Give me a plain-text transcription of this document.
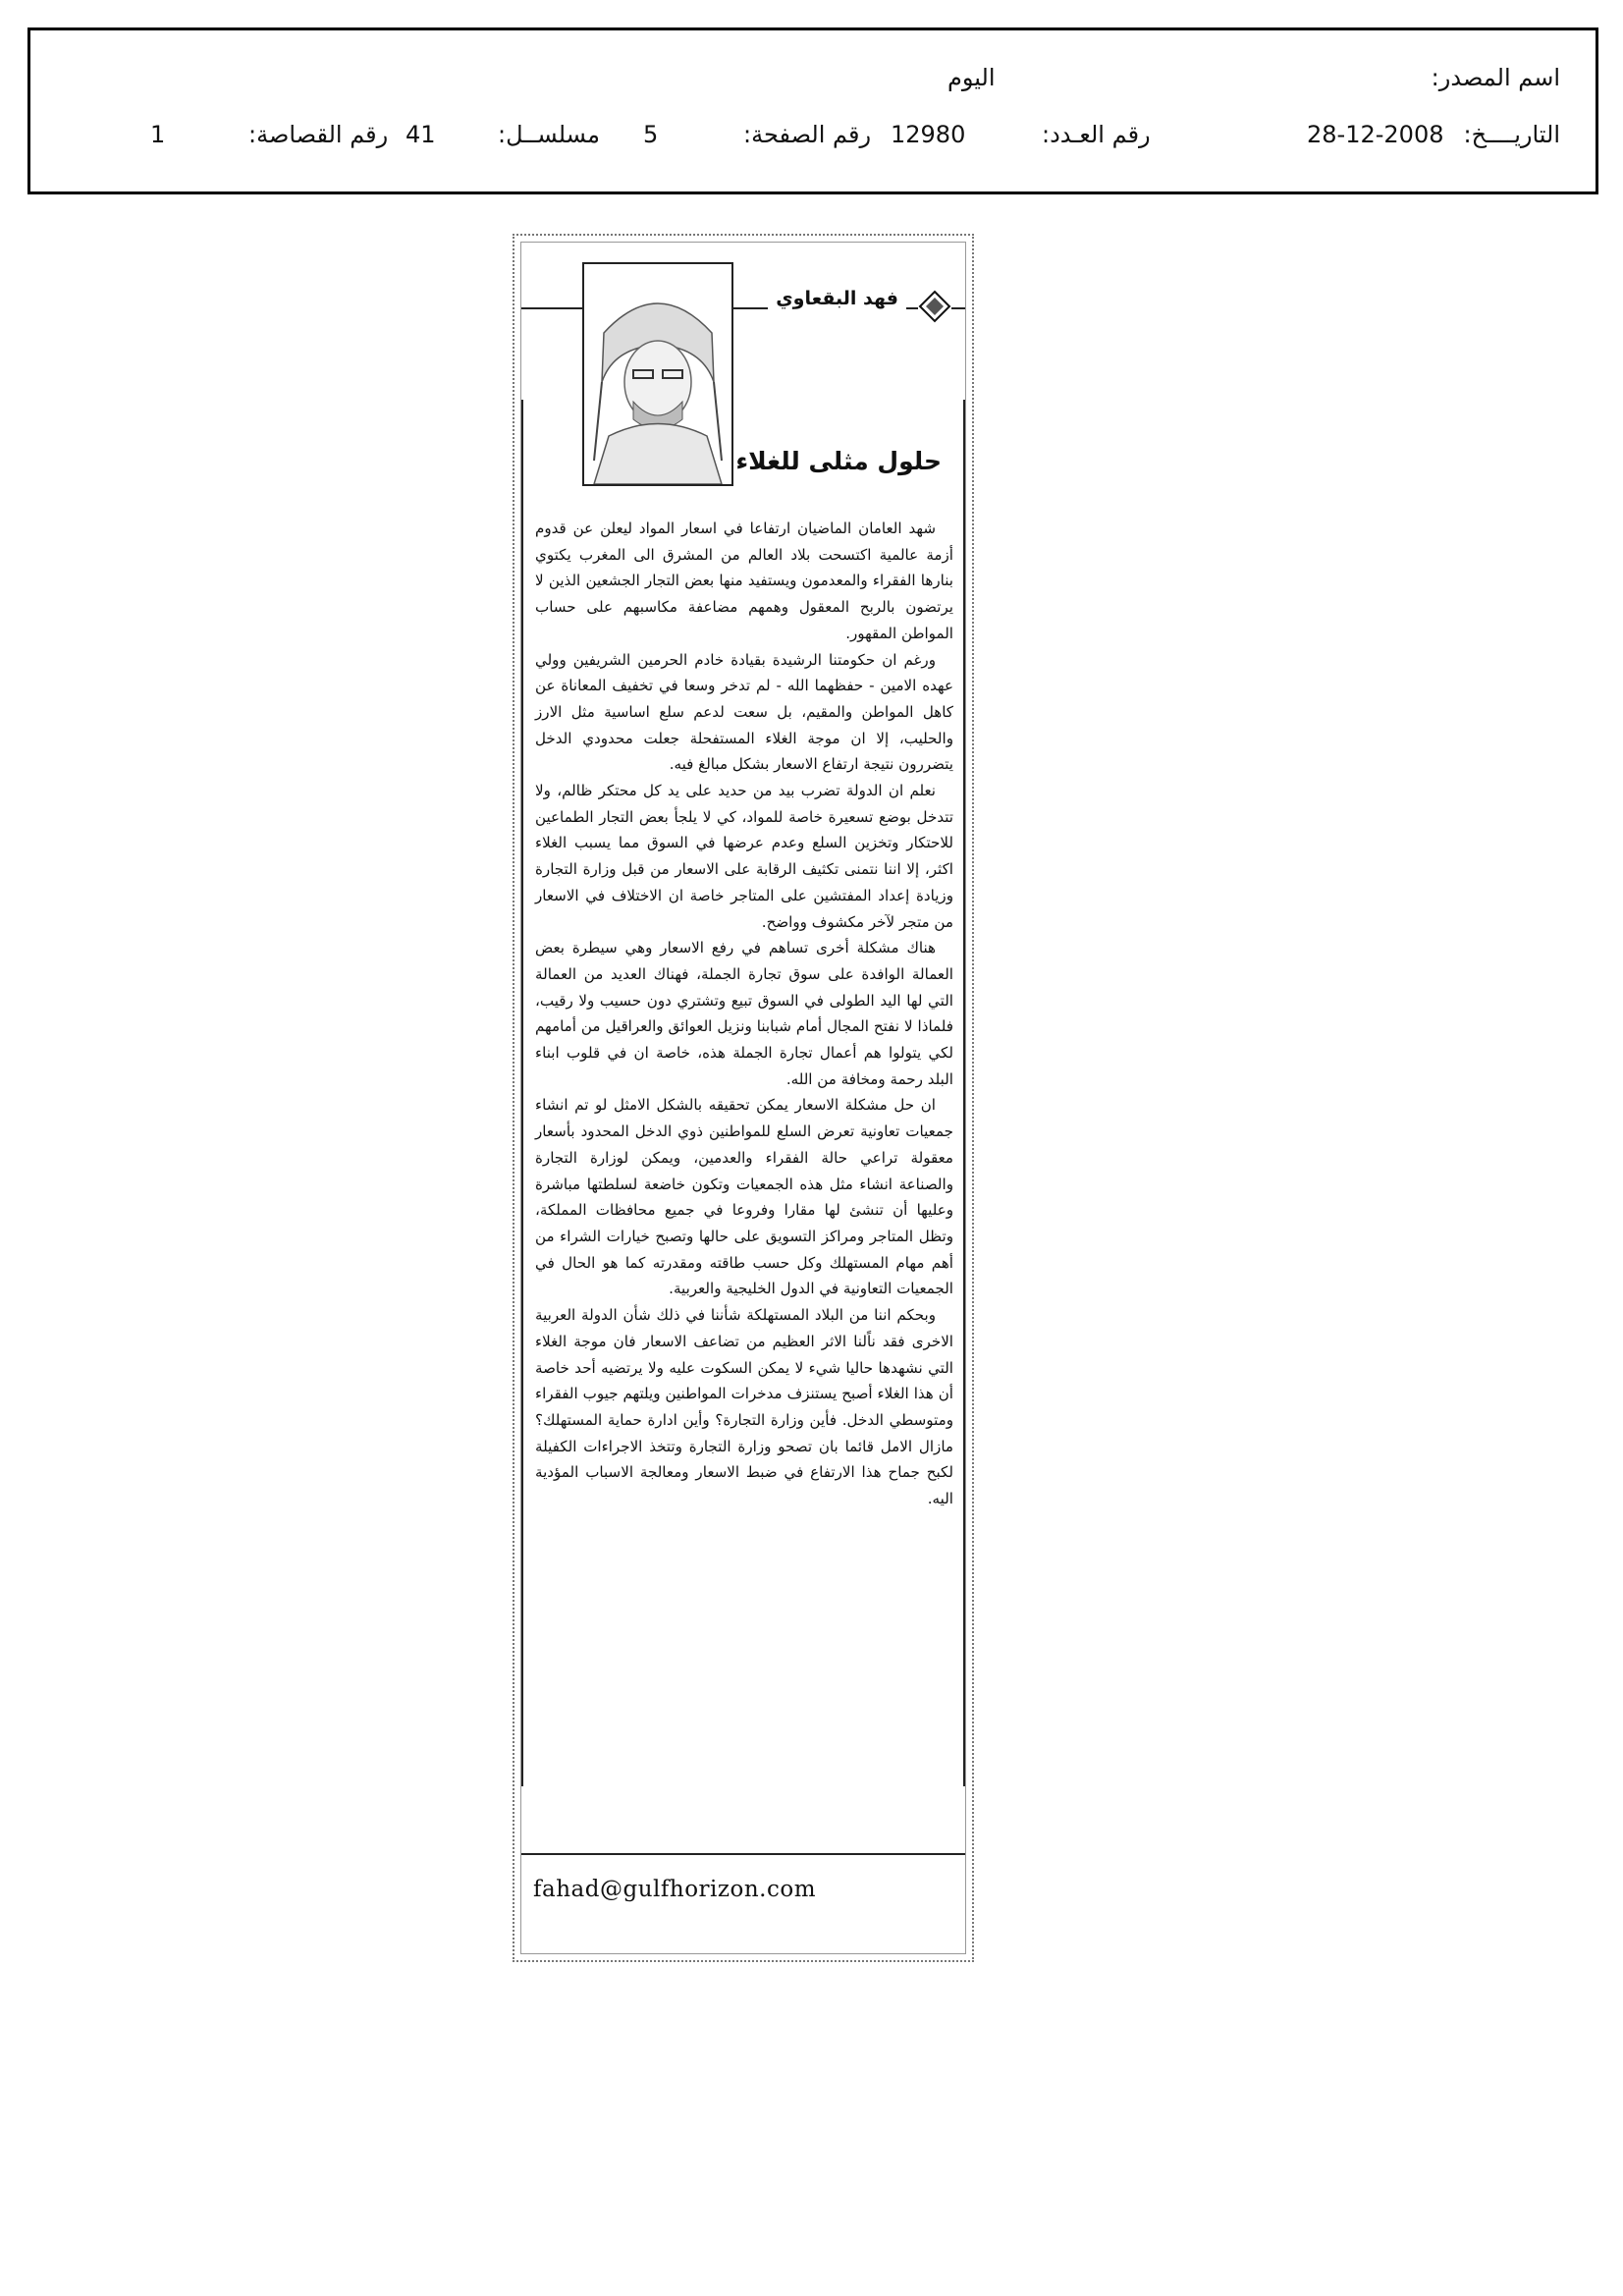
اسم المصدر:
اليوم
التاريــــخ:
28-12-2008
رقم العـدد:
12980
رقم الصفحة:
5
مسلســل:
41
رقم القصاصة:
1
فهد البقعاوي
حلول مثلى للغلاء

شهد العامان الماضيان ارتفاعا في اسعار المواد ليعلن عن قدوم أزمة عالمية اكتسحت بلاد العالم من المشرق الى المغرب يكتوي بنارها الفقراء والمعدمون ويستفيد منها بعض التجار الجشعين الذين لا يرتضون بالربح المعقول وهمهم مضاعفة مكاسبهم على حساب المواطن المقهور.

ورغم ان حكومتنا الرشيدة بقيادة خادم الحرمين الشريفين وولي عهده الامين - حفظهما الله - لم تدخر وسعا في تخفيف المعاناة عن كاهل المواطن والمقيم، بل سعت لدعم سلع اساسية مثل الارز والحليب، إلا ان موجة الغلاء المستفحلة جعلت محدودي الدخل يتضررون نتيجة ارتفاع الاسعار بشكل مبالغ فيه.

نعلم ان الدولة تضرب بيد من حديد على يد كل محتكر ظالم، ولا تتدخل بوضع تسعيرة خاصة للمواد، كي لا يلجأ بعض التجار الطماعين للاحتكار وتخزين السلع وعدم عرضها في السوق مما يسبب الغلاء اكثر، إلا اننا نتمنى تكثيف الرقابة على الاسعار من قبل وزارة التجارة وزيادة إعداد المفتشين على المتاجر خاصة ان الاختلاف في الاسعار من متجر لآخر مكشوف وواضح.

هناك مشكلة أخرى تساهم في رفع الاسعار وهي سيطرة بعض العمالة الوافدة على سوق تجارة الجملة، فهناك العديد من العمالة التي لها اليد الطولى في السوق تبيع وتشتري دون حسيب ولا رقيب، فلماذا لا نفتح المجال أمام شبابنا ونزيل العوائق والعراقيل من أمامهم لكي يتولوا هم أعمال تجارة الجملة هذه، خاصة ان في قلوب ابناء البلد رحمة ومخافة من الله.

ان حل مشكلة الاسعار يمكن تحقيقه بالشكل الامثل لو تم انشاء جمعيات تعاونية تعرض السلع للمواطنين ذوي الدخل المحدود بأسعار معقولة تراعي حالة الفقراء والعدمين، ويمكن لوزارة التجارة والصناعة انشاء مثل هذه الجمعيات وتكون خاضعة لسلطتها مباشرة وعليها أن تنشئ لها مقارا وفروعا في جميع محافظات المملكة، وتظل المتاجر ومراكز التسويق على حالها وتصبح خيارات الشراء من أهم مهام المستهلك وكل حسب طاقته ومقدرته كما هو الحال في الجمعيات التعاونية في الدول الخليجية والعربية.

وبحكم اننا من البلاد المستهلكة شأننا في ذلك شأن الدولة العربية الاخرى فقد ناًلنا الاثر العظيم من تضاعف الاسعار فان موجة الغلاء التي نشهدها حاليا شيء لا يمكن السكوت عليه ولا يرتضيه أحد خاصة أن هذا الغلاء أصبح يستنزف مدخرات المواطنين ويلتهم جيوب الفقراء ومتوسطي الدخل. فأين وزارة التجارة؟ وأين ادارة حماية المستهلك؟ مازال الامل قائما بان تصحو وزارة التجارة وتتخذ الاجراءات الكفيلة لكبح جماح هذا الارتفاع في ضبط الاسعار ومعالجة الاسباب المؤدية اليه.

fahad@gulfhorizon.com
